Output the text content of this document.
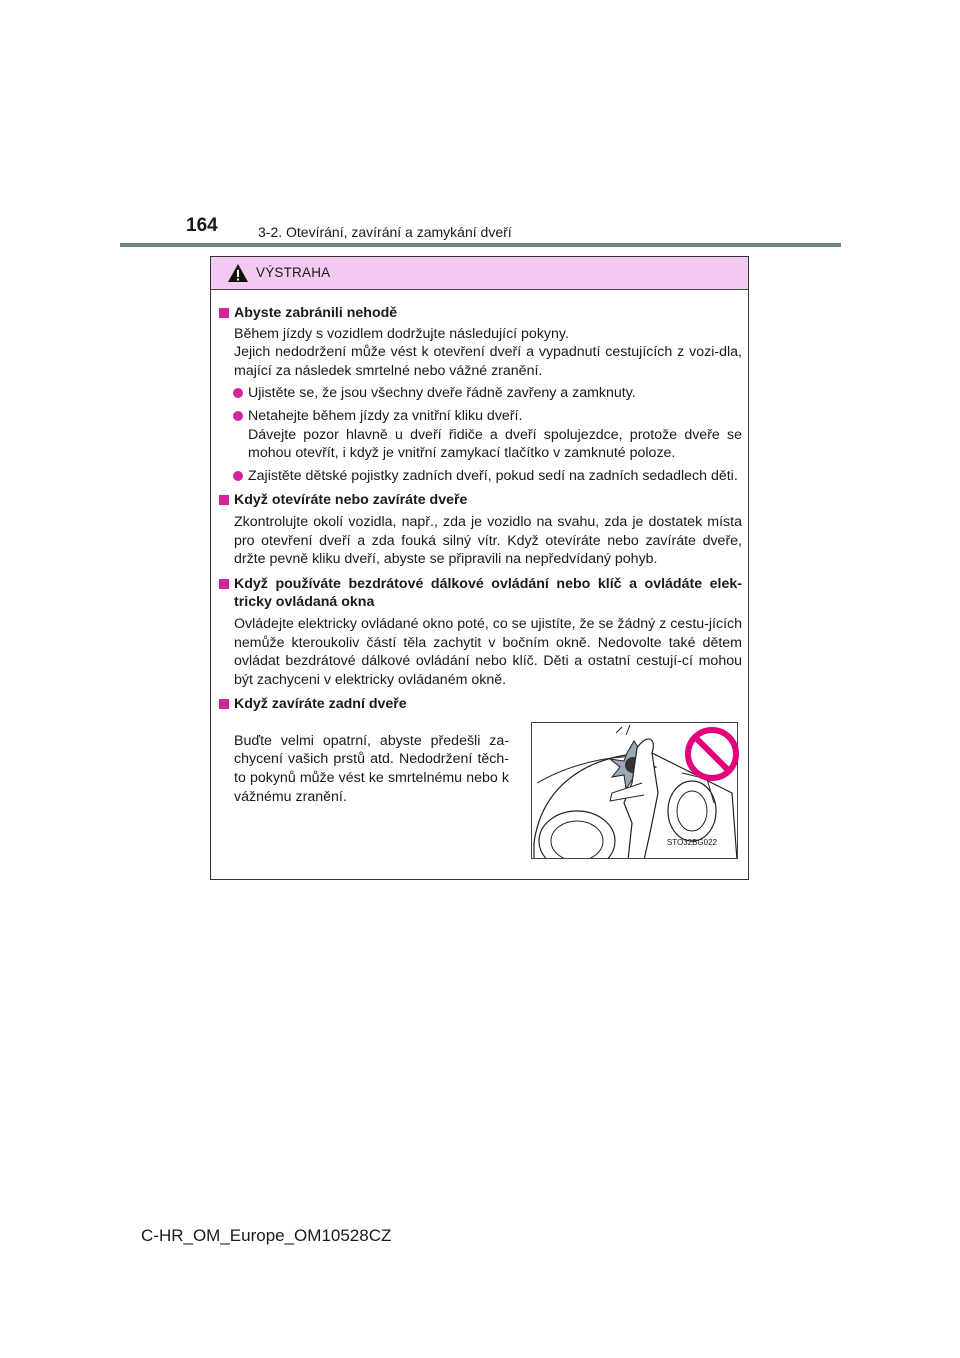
164	3-2. Otevírání, zavírání a zamykání dveří
VÝSTRAHA
Abyste zabránili nehodě
Během jízdy s vozidlem dodržujte následující pokyny.
Jejich nedodržení může vést k otevření dveří a vypadnutí cestujících z vozi-dla, mající za následek smrtelné nebo vážné zranění.
Ujistěte se, že jsou všechny dveře řádně zavřeny a zamknuty.
Netahejte během jízdy za vnitřní kliku dveří.
Dávejte pozor hlavně u dveří řidiče a dveří spolujezdce, protože dveře se mohou otevřít, i když je vnitřní zamykací tlačítko v zamknuté poloze.
Zajistěte dětské pojistky zadních dveří, pokud sedí na zadních sedadlech děti.
Když otevíráte nebo zavíráte dveře
Zkontrolujte okolí vozidla, např., zda je vozidlo na svahu, zda je dostatek místa pro otevření dveří a zda fouká silný vítr. Když otevíráte nebo zavíráte dveře, držte pevně kliku dveří, abyste se připravili na nepředvídaný pohyb.
Když používáte bezdrátové dálkové ovládání nebo klíč a ovládáte elek-tricky ovládaná okna
Ovládejte elektricky ovládané okno poté, co se ujistíte, že se žádný z cestu-jících nemůže kteroukoliv částí těla zachytit v bočním okně. Nedovolte také dětem ovládat bezdrátové dálkové ovládání nebo klíč. Děti a ostatní cestují-cí mohou být zachyceni v elektricky ovládaném okně.
Když zavíráte zadní dveře
Buďte velmi opatrní, abyste předešli za-chycení vašich prstů atd. Nedodržení těch-to pokynů může vést ke smrtelnému nebo k vážnému zranění.
STO32BG022
C-HR_OM_Europe_OM10528CZ
